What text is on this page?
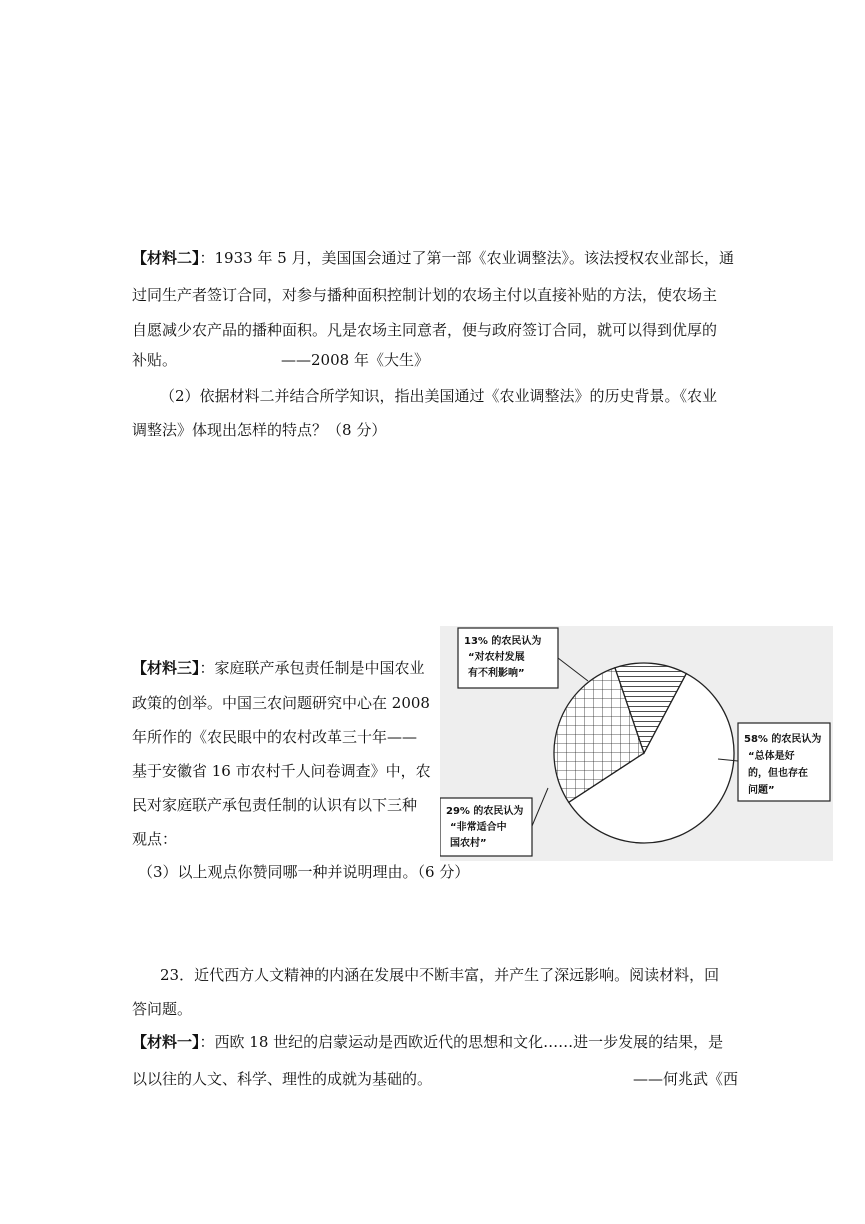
【材料二】：1933 年 5 月，美国国会通过了第一部《农业调整法》。该法授权农业部长，通
过同生产者签订合同，对参与播种面积控制计划的农场主付以直接补贴的方法，使农场主
自愿减少农产品的播种面积。凡是农场主同意者，便与政府签订合同，就可以得到优厚的
补贴。	——2008 年《大生》
（2）依据材料二并结合所学知识，指出美国通过《农业调整法》的历史背景。《农业
调整法》体现出怎样的特点？（8 分）
【材料三】：家庭联产承包责任制是中国农业
政策的创举。中国三农问题研究中心在 2008
年所作的《农民眼中的农村改革三十年——
基于安徽省 16 市农村千人问卷调查》中，农
民对家庭联产承包责任制的认识有以下三种
观点：
13% 的农民认为
“对农村发展
有不利影响”
58% 的农民认为
“总体是好
的，但也存在
问题”
29% 的农民认为
“非常适合中
国农村”
（3）以上观点你赞同哪一种并说明理由。（6 分）
23．近代西方人文精神的内涵在发展中不断丰富，并产生了深远影响。阅读材料，回
答问题。
【材料一】：西欧 18 世纪的启蒙运动是西欧近代的思想和文化……进一步发展的结果，是
以以往的人文、科学、理性的成就为基础的。	——何兆武《西
